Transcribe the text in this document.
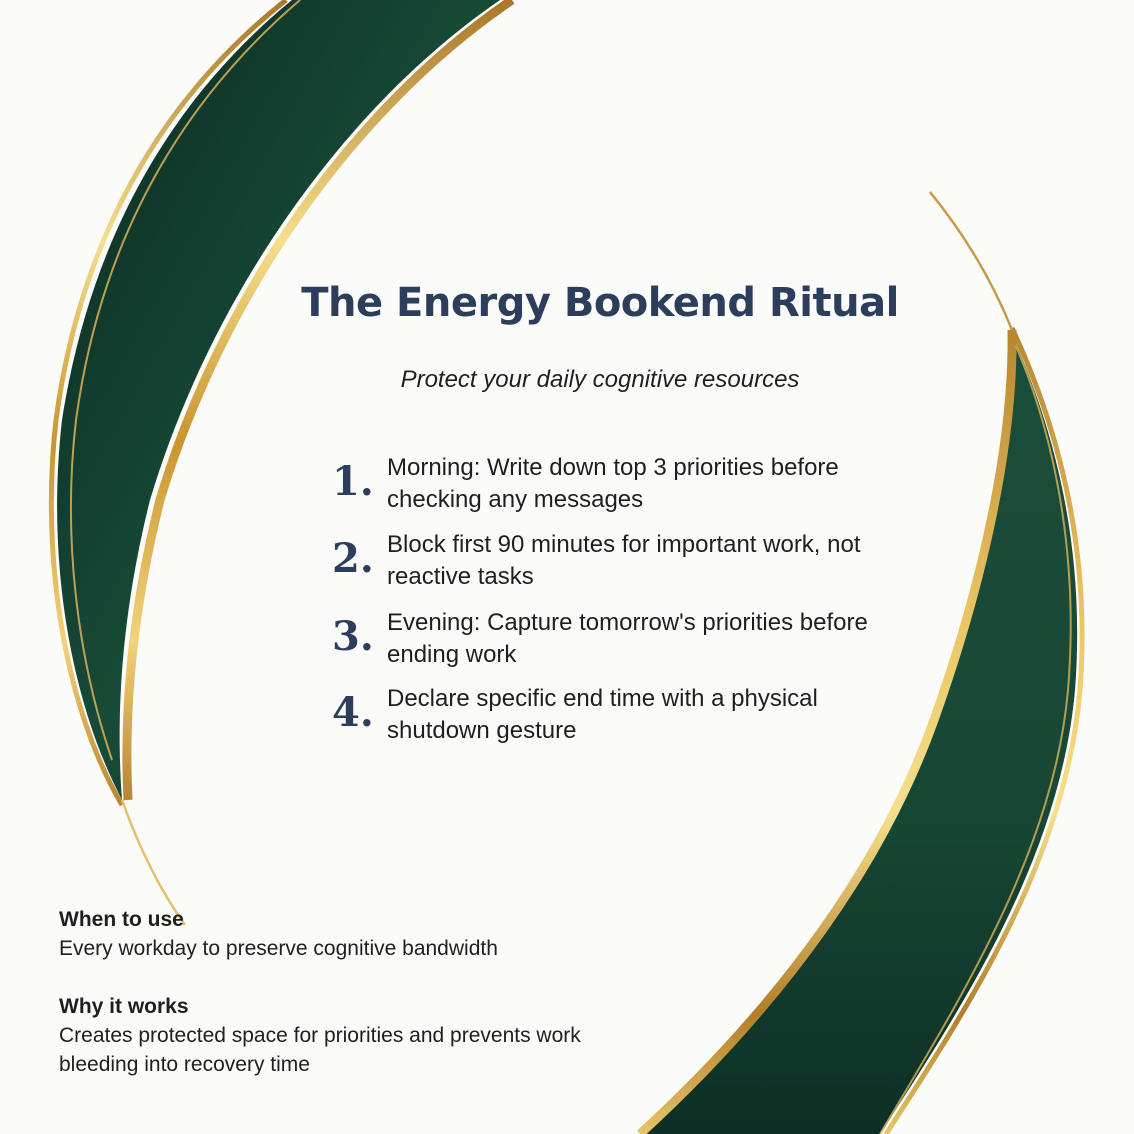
The Energy Bookend Ritual

Protect your daily cognitive resources

1. Morning: Write down top 3 priorities before checking any messages
2. Block first 90 minutes for important work, not reactive tasks
3. Evening: Capture tomorrow's priorities before ending work
4. Declare specific end time with a physical shutdown gesture
When to use
Every workday to preserve cognitive bandwidth
Why it works
Creates protected space for priorities and prevents work bleeding into recovery time
